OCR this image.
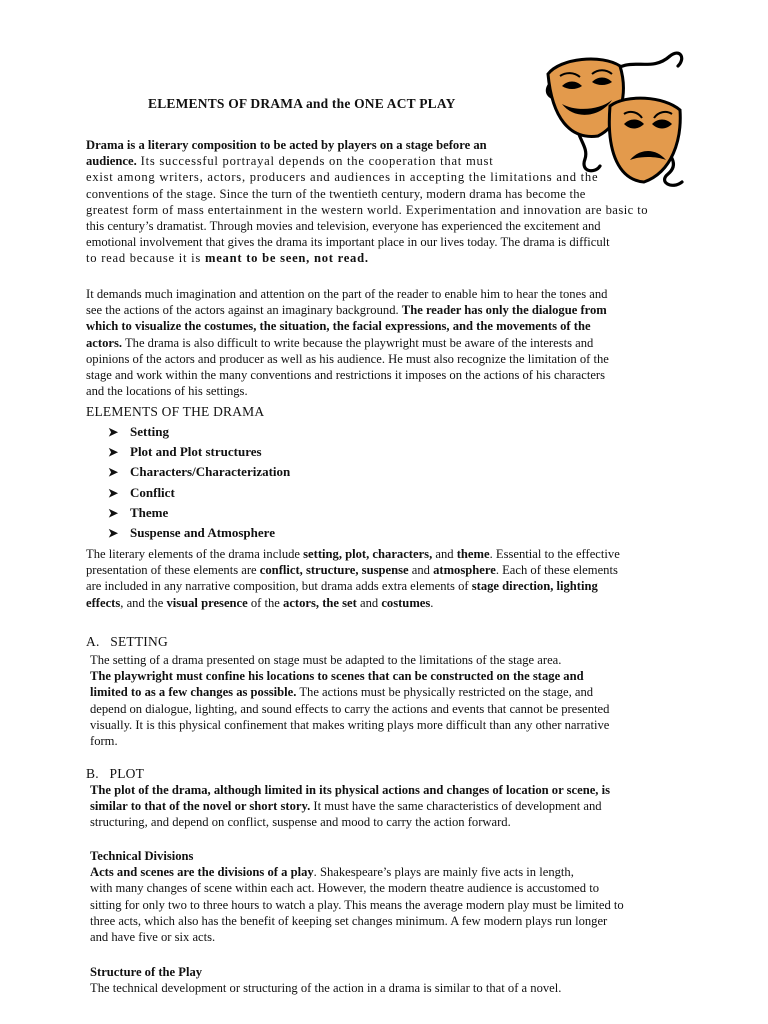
ELEMENTS OF DRAMA and the ONE ACT PLAY
Drama is a literary composition to be acted by players on a stage before an
audience. Its successful portrayal depends on the cooperation that must
exist among writers, actors, producers and audiences in accepting the limitations and the
conventions of the stage. Since the turn of the twentieth century, modern drama has become the
greatest form of mass entertainment in the western world. Experimentation and innovation are basic to
this century’s dramatist. Through movies and television, everyone has experienced the excitement and
emotional involvement that gives the drama its important place in our lives today. The drama is difficult
to read because it is meant to be seen, not read.
It demands much imagination and attention on the part of the reader to enable him to hear the tones and
see the actions of the actors against an imaginary background. The reader has only the dialogue from
which to visualize the costumes, the situation, the facial expressions, and the movements of the
actors. The drama is also difficult to write because the playwright must be aware of the interests and
opinions of the actors and producer as well as his audience. He must also recognize the limitation of the
stage and work within the many conventions and restrictions it imposes on the actions of his characters
and the locations of his settings.
ELEMENTS OF THE DRAMA
➤ Setting
➤ Plot and Plot structures
➤ Characters/Characterization
➤ Conflict
➤ Theme
➤ Suspense and Atmosphere
The literary elements of the drama include setting, plot, characters, and theme. Essential to the effective
presentation of these elements are conflict, structure, suspense and atmosphere. Each of these elements
are included in any narrative composition, but drama adds extra elements of stage direction, lighting
effects, and the visual presence of the actors, the set and costumes.
A.   SETTING
The setting of a drama presented on stage must be adapted to the limitations of the stage area.
The playwright must confine his locations to scenes that can be constructed on the stage and
limited to as a few changes as possible. The actions must be physically restricted on the stage, and
depend on dialogue, lighting, and sound effects to carry the actions and events that cannot be presented
visually. It is this physical confinement that makes writing plays more difficult than any other narrative
form.
B.   PLOT
The plot of the drama, although limited in its physical actions and changes of location or scene, is
similar to that of the novel or short story. It must have the same characteristics of development and
structuring, and depend on conflict, suspense and mood to carry the action forward.
Technical Divisions
Acts and scenes are the divisions of a play. Shakespeare’s plays are mainly five acts in length,
with many changes of scene within each act. However, the modern theatre audience is accustomed to
sitting for only two to three hours to watch a play. This means the average modern play must be limited to
three acts, which also has the benefit of keeping set changes minimum. A few modern plays run longer
and have five or six acts.
Structure of the Play
The technical development or structuring of the action in a drama is similar to that of a novel.
